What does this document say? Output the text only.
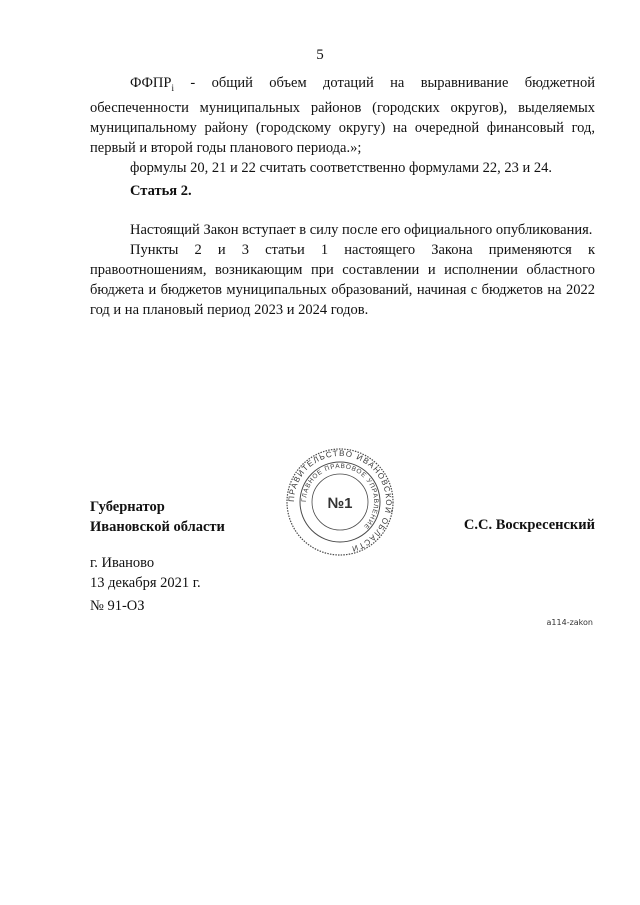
5

$ФФПР_i$ - общий объем дотаций на выравнивание бюджетной обеспеченности муниципальных районов (городских округов), выделяемых муниципальному району (городскому округу) на очередной финансовый год, первый и второй годы планового периода.»;

формулы 20, 21 и 22 считать соответственно формулами 22, 23 и 24.

Статья 2.

Настоящий Закон вступает в силу после его официального опубликования.

Пункты 2 и 3 статьи 1 настоящего Закона применяются к правоотношениям, возникающим при составлении и исполнении областного бюджета и бюджетов муниципальных образований, начиная с бюджетов на 2022 год и на плановый период 2023 и 2024 годов.

ПРАВИТЕЛЬСТВО ИВАНОВСКОЙ ОБЛАСТИ
ГЛАВНОЕ ПРАВОВОЕ УПРАВЛЕНИЕ
№1
Губернатор
Ивановской области	С.С. Воскресенский
г. Иваново
13 декабря 2021 г.
№ 91-ОЗ
a114-zakon
